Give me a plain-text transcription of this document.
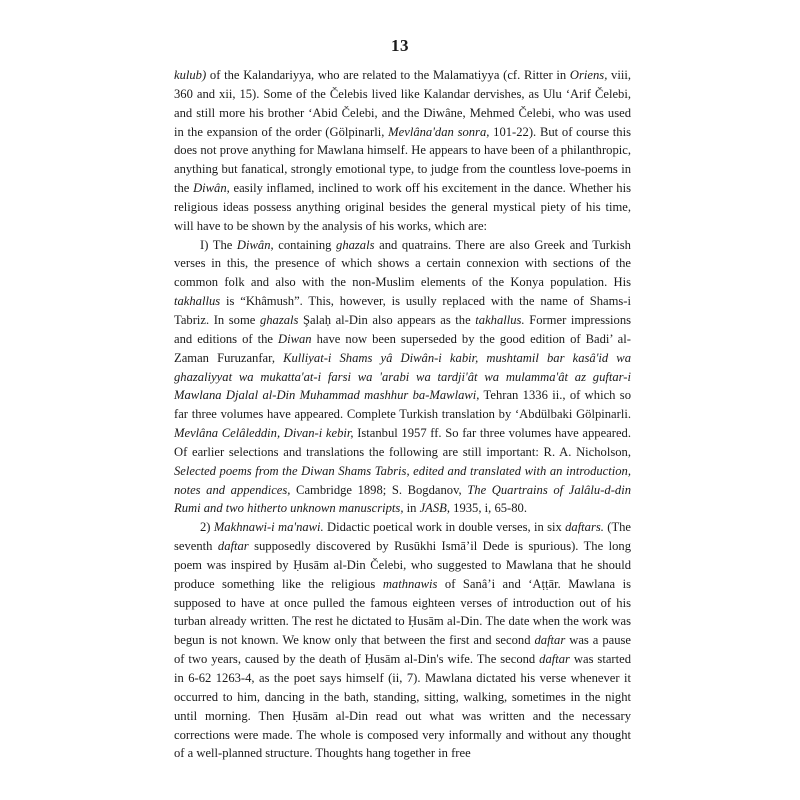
13

kulub) of the Kalandariyya, who are related to the Malamatiyya (cf. Ritter in Oriens, viii, 360 and xii, 15). Some of the Čelebis lived like Kalandar dervishes, as Ulu ‘Arif Čelebi, and still more his brother ‘Abid Čelebi, and the Diwâne, Mehmed Čelebi, who was used in the expansion of the order (Gölpinarli, Mevlâna'dan sonra, 101-22). But of course this does not prove anything for Mawlana himself. He appears to have been of a philanthropic, anything but fanatical, strongly emotional type, to judge from the countless love-poems in the Diwân, easily inflamed, inclined to work off his excitement in the dance. Whether his religious ideas possess anything original besides the general mystical piety of his time, will have to be shown by the analysis of his works, which are:

I) The Diwân, containing ghazals and quatrains. There are also Greek and Turkish verses in this, the presence of which shows a certain connexion with sections of the common folk and also with the non-Muslim elements of the Konya population. His takhallus is “Khâmush”. This, however, is usully replaced with the name of Shams-i Tabriz. In some ghazals Şalaḥ al-Din also appears as the takhallus. Former impressions and editions of the Diwan have now been superseded by the good edition of Badi’ al-Zaman Furuzanfar, Kulliyat-i Shams yâ Diwân-i kabir, mushtamil bar kasâ'id wa ghazaliyyat wa mukatta'at-i farsi wa 'arabi wa tardji'ât wa mulamma'ât az guftar-i Mawlana Djalal al-Din Muhammad mashhur ba-Mawlawi, Tehran 1336 ii., of which so far three volumes have appeared. Complete Turkish translation by ‘Abdülbaki Gölpinarli. Mevlâna Celâleddin, Divan-i kebir, Istanbul 1957 ff. So far three volumes have appeared. Of earlier selections and translations the following are still important: R. A. Nicholson, Selected poems from the Diwan Shams Tabris, edited and translated with an introduction, notes and appendices, Cambridge 1898; S. Bogdanov, The Quartrains of Jalâlu-d-din Rumi and two hitherto unknown manuscripts, in JASB, 1935, i, 65-80.

2) Makhnawi-i ma'nawi. Didactic poetical work in double verses, in six daftars. (The seventh daftar supposedly discovered by Rusūkhi Ismā’il Dede is spurious). The long poem was inspired by Ḥusām al-Din Čelebi, who suggested to Mawlana that he should produce something like the religious mathnawis of Sanâ’i and ‘Aṭṭār. Mawlana is supposed to have at once pulled the famous eighteen verses of introduction out of his turban already written. The rest he dictated to Ḥusām al-Din. The date when the work was begun is not known. We know only that between the first and second daftar was a pause of two years, caused by the death of Ḥusām al-Din's wife. The second daftar was started in 6-62 1263-4, as the poet says himself (ii, 7). Mawlana dictated his verse whenever it occurred to him, dancing in the bath, standing, sitting, walking, sometimes in the night until morning. Then Ḥusām al-Din read out what was written and the necessary corrections were made. The whole is composed very informally and without any thought of a well-planned structure. Thoughts hang together in free
